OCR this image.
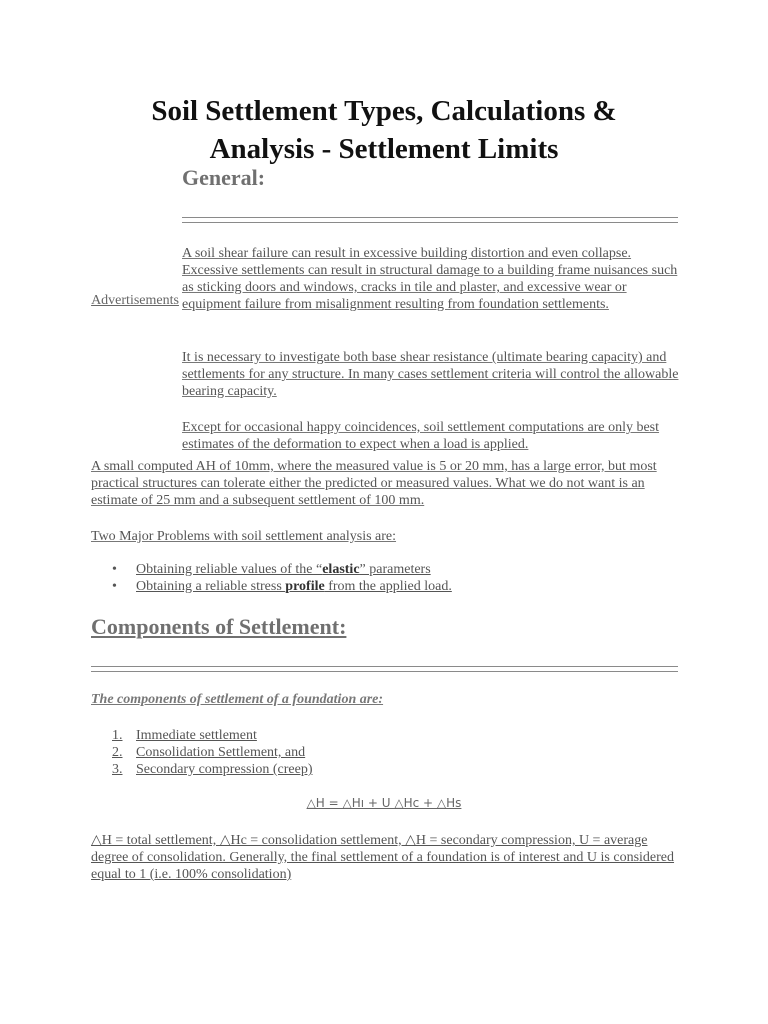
Soil Settlement Types, Calculations &
Analysis - Settlement Limits
General:
Advertisements

A soil shear failure can result in excessive building distortion and even collapse. Excessive settlements can result in structural damage to a building frame nuisances such as sticking doors and windows, cracks in tile and plaster, and excessive wear or equipment failure from misalignment resulting from foundation settlements.

It is necessary to investigate both base shear resistance (ultimate bearing capacity) and settlements for any structure. In many cases settlement criteria will control the allowable bearing capacity.

Except for occasional happy coincidences, soil settlement computations are only best estimates of the deformation to expect when a load is applied.

A small computed AH of 10mm, where the measured value is 5 or 20 mm, has a large error, but most practical structures can tolerate either the predicted or measured values. What we do not want is an estimate of 25 mm and a subsequent settlement of 100 mm.

Two Major Problems with soil settlement analysis are:

• Obtaining reliable values of the “elastic” parameters
• Obtaining a reliable stress profile from the applied load.
Components of Settlement:

The components of settlement of a foundation are:

1. Immediate settlement
2. Consolidation Settlement, and
3. Secondary compression (creep)
△H = △Hı + U △Hc + △Hs

△H = total settlement, △Hc = consolidation settlement, △H = secondary compression, U = average degree of consolidation. Generally, the final settlement of a foundation is of interest and U is considered equal to 1 (i.e. 100% consolidation)
